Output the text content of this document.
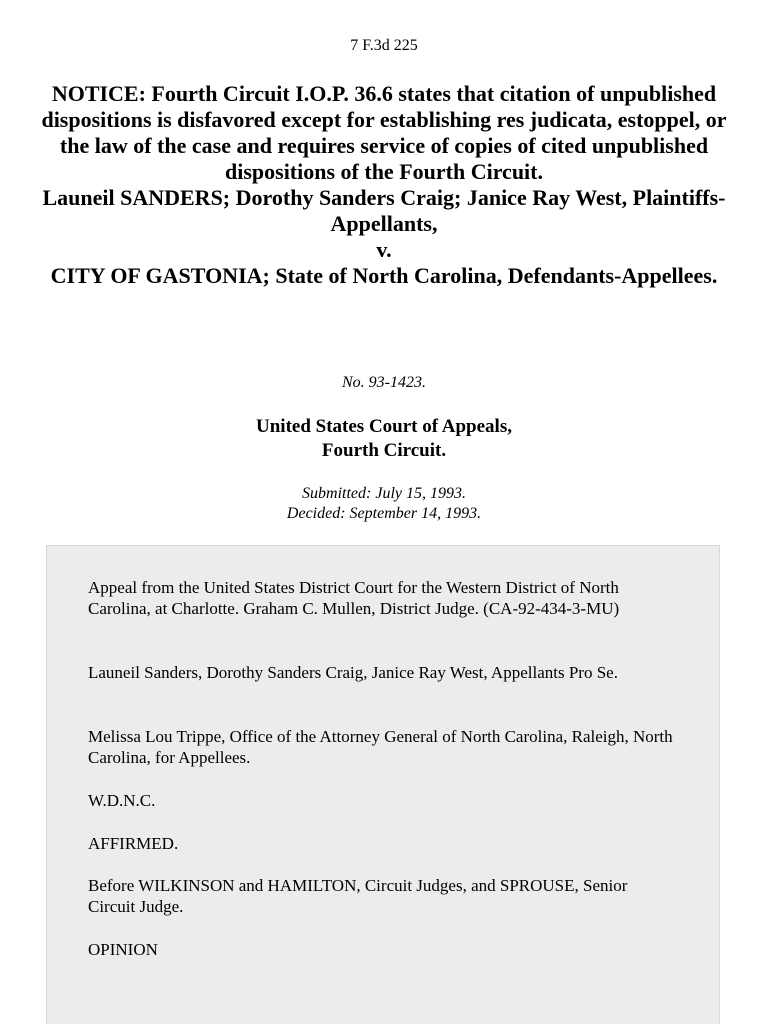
7 F.3d 225
NOTICE: Fourth Circuit I.O.P. 36.6 states that citation of unpublished dispositions is disfavored except for establishing res judicata, estoppel, or the law of the case and requires service of copies of cited unpublished dispositions of the Fourth Circuit.
Launeil SANDERS; Dorothy Sanders Craig; Janice Ray West, Plaintiffs-Appellants,
v.
CITY OF GASTONIA; State of North Carolina, Defendants-Appellees.
No. 93-1423.
United States Court of Appeals,
Fourth Circuit.
Submitted: July 15, 1993.
Decided: September 14, 1993.

Appeal from the United States District Court for the Western District of North Carolina, at Charlotte. Graham C. Mullen, District Judge. (CA-92-434-3-MU)

Launeil Sanders, Dorothy Sanders Craig, Janice Ray West, Appellants Pro Se.

Melissa Lou Trippe, Office of the Attorney General of North Carolina, Raleigh, North Carolina, for Appellees.

W.D.N.C.

AFFIRMED.

Before WILKINSON and HAMILTON, Circuit Judges, and SPROUSE, Senior Circuit Judge.

OPINION
